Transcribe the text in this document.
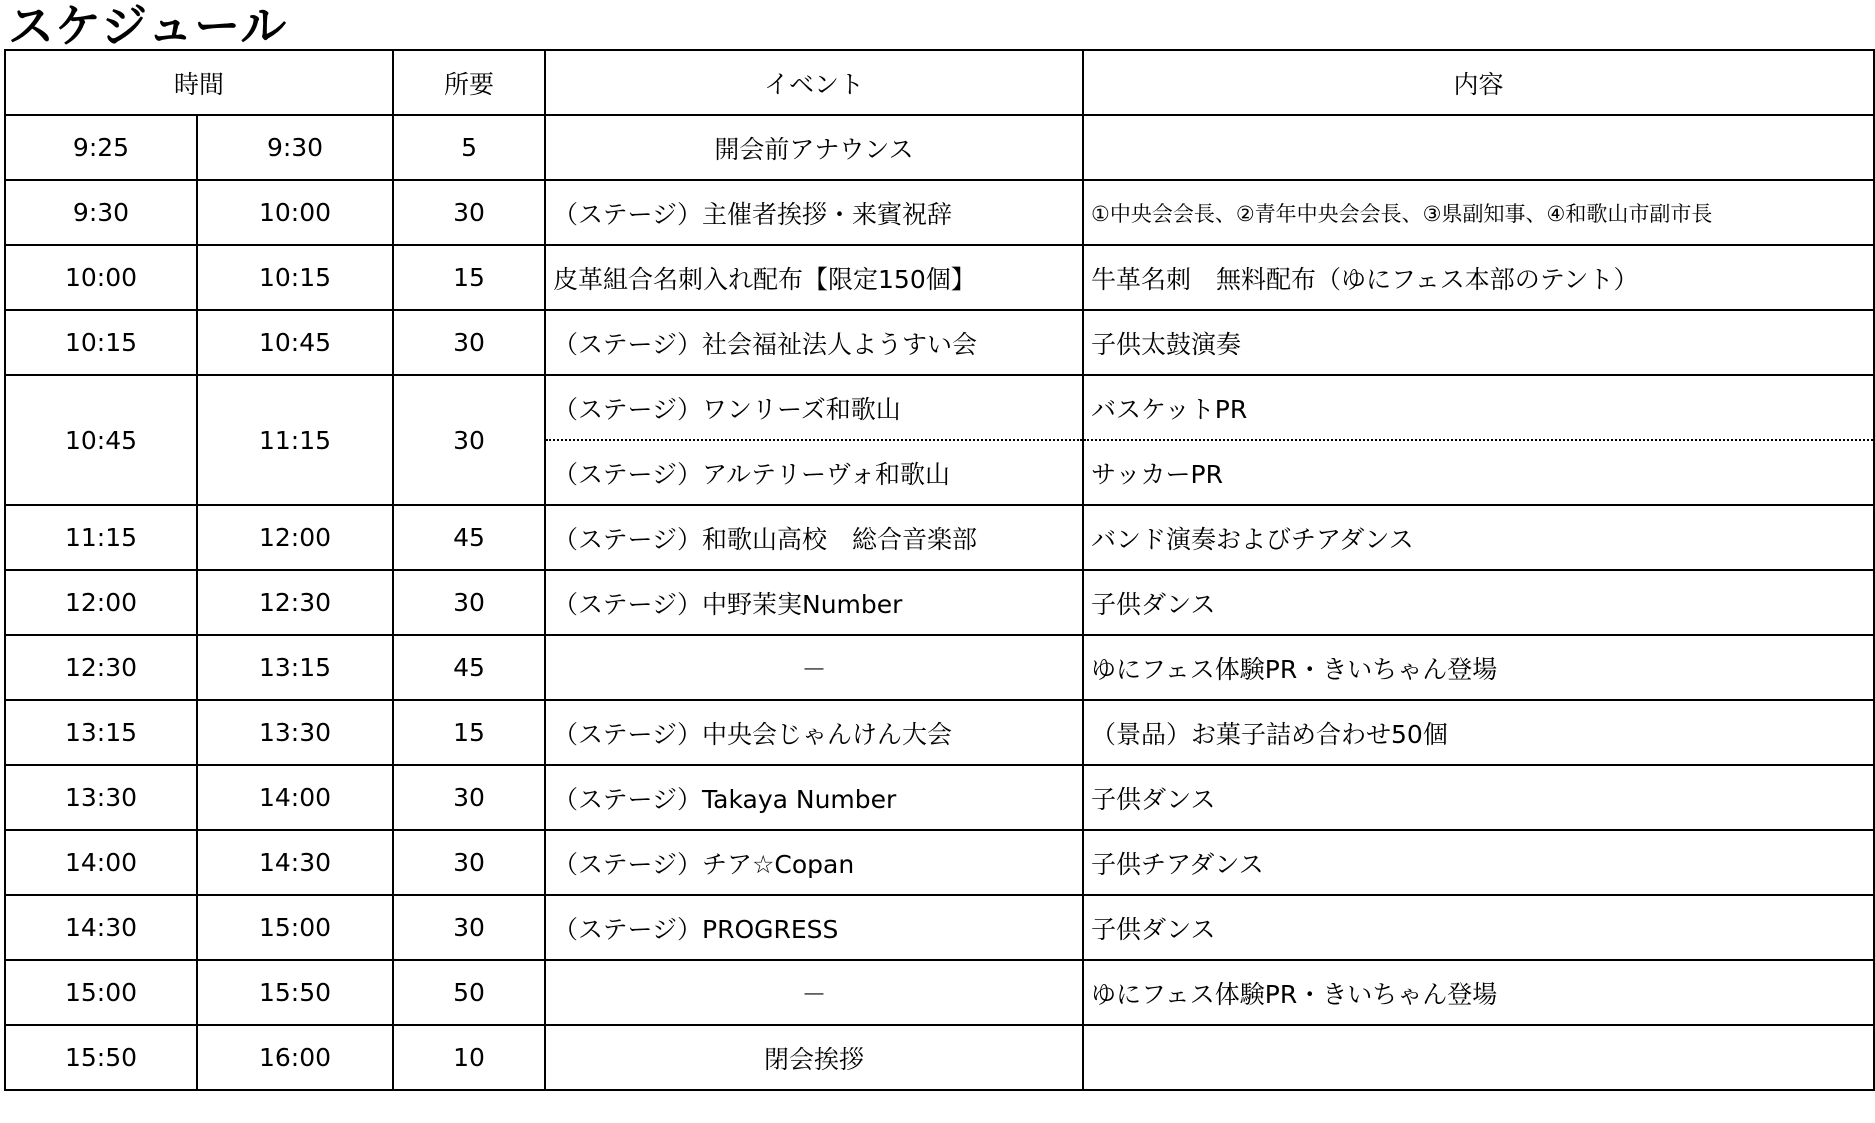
スケジュール
時間		所要	イベント	内容
9:25	9:30	5	開会前アナウンス	
9:30	10:00	30	（ステージ）主催者挨拶・来賓祝辞	①中央会会長、②青年中央会会長、③県副知事、④和歌山市副市長
10:00	10:15	15	皮革組合名刺入れ配布【限定150個】	牛革名刺　無料配布（ゆにフェス本部のテント）
10:15	10:45	30	（ステージ）社会福祉法人ようすい会	子供太鼓演奏
10:45	11:15	30	（ステージ）ワンリーズ和歌山	バスケットPR
			（ステージ）アルテリーヴォ和歌山	サッカーPR
11:15	12:00	45	（ステージ）和歌山高校　総合音楽部	バンド演奏およびチアダンス
12:00	12:30	30	（ステージ）中野茉実Number	子供ダンス
12:30	13:15	45	－	ゆにフェス体験PR・きいちゃん登場
13:15	13:30	15	（ステージ）中央会じゃんけん大会	（景品）お菓子詰め合わせ50個
13:30	14:00	30	（ステージ）Takaya Number	子供ダンス
14:00	14:30	30	（ステージ）チア☆Copan	子供チアダンス
14:30	15:00	30	（ステージ）PROGRESS	子供ダンス
15:00	15:50	50	－	ゆにフェス体験PR・きいちゃん登場
15:50	16:00	10	閉会挨拶	
